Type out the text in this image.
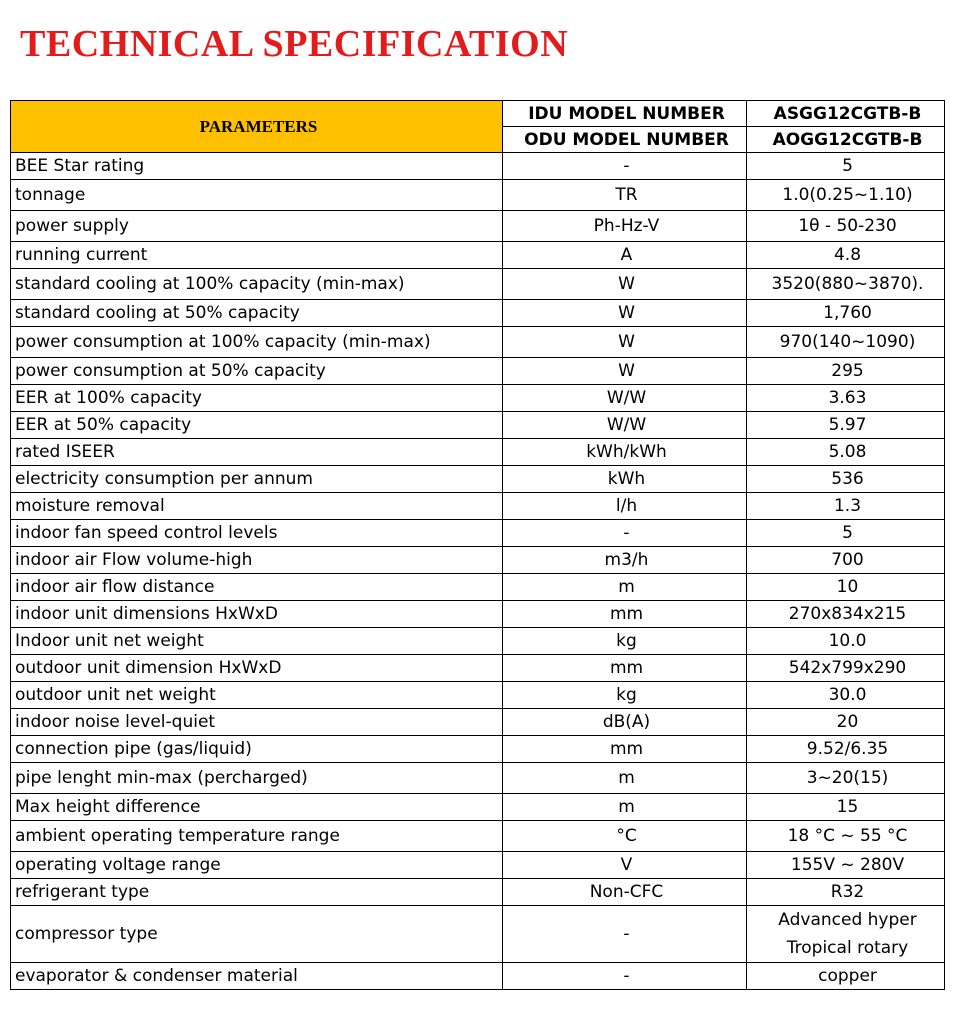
TECHNICAL SPECIFICATION
PARAMETERS	IDU MODEL NUMBER	ASGG12CGTB-B
	ODU MODEL NUMBER	AOGG12CGTB-B
BEE Star rating	-	5
tonnage	TR	1.0(0.25~1.10)
power supply	Ph-Hz-V	1θ - 50-230
running current	A	4.8
standard cooling at 100% capacity (min-max)	W	3520(880~3870).
standard cooling at 50% capacity	W	1,760
power consumption at 100% capacity (min-max)	W	970(140~1090)
power consumption at 50% capacity	W	295
EER at 100% capacity	W/W	3.63
EER at 50% capacity	W/W	5.97
rated ISEER	kWh/kWh	5.08
electricity consumption per annum	kWh	536
moisture removal	l/h	1.3
indoor fan speed control levels	-	5
indoor air Flow volume-high	m3/h	700
indoor air flow distance	m	10
indoor unit dimensions HxWxD	mm	270x834x215
Indoor unit net weight	kg	10.0
outdoor unit dimension HxWxD	mm	542x799x290
outdoor unit net weight	kg	30.0
indoor noise level-quiet	dB(A)	20
connection pipe (gas/liquid)	mm	9.52/6.35
pipe lenght min-max (percharged)	m	3~20(15)
Max height difference	m	15
ambient operating temperature range	°C	18 °C ~ 55 °C
operating voltage range	V	155V ~ 280V
refrigerant type	Non-CFC	R32
compressor type	-	Advanced hyper Tropical rotary
evaporator & condenser material	-	copper
